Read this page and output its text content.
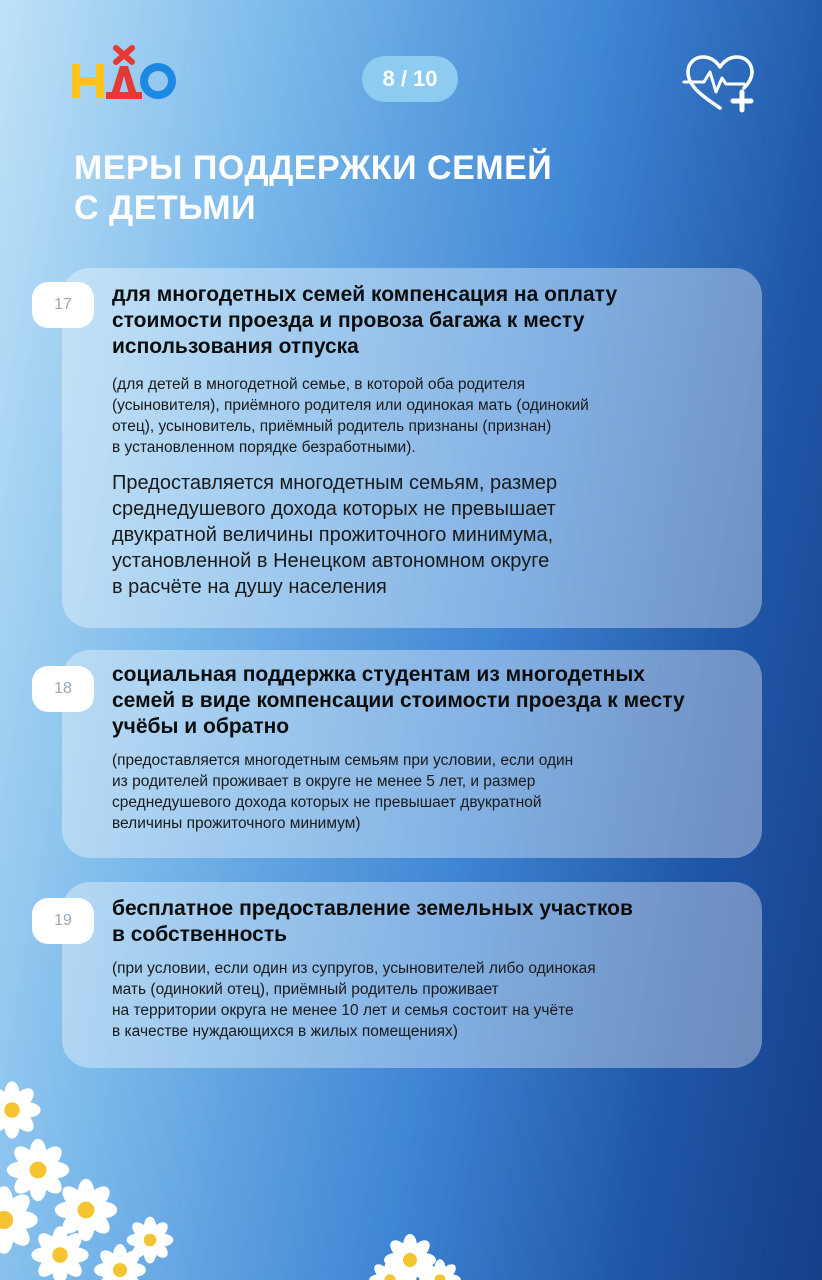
8 / 10
МЕРЫ ПОДДЕРЖКИ СЕМЕЙ
С ДЕТЬМИ
17	для многодетных семей компенсация на оплату
стоимости проезда и провоза багажа к месту
использования отпуска
(для детей в многодетной семье, в которой оба родителя
(усыновителя), приёмного родителя или одинокая мать (одинокий
отец), усыновитель, приёмный родитель признаны (признан)
в установленном порядке безработными).
Предоставляется многодетным семьям, размер
среднедушевого дохода которых не превышает
двукратной величины прожиточного минимума,
установленной в Ненецком автономном округе
в расчёте на душу населения
18
социальная поддержка студентам из многодетных
семей в виде компенсации стоимости проезда к месту
учёбы и обратно
(предоставляется многодетным семьям при условии, если один
из родителей проживает в округе не менее 5 лет, и размер
среднедушевого дохода которых не превышает двукратной
величины прожиточного минимум)
19
бесплатное предоставление земельных участков
в собственность
(при условии, если один из супругов, усыновителей либо одинокая
мать (одинокий отец), приёмный родитель проживает
на территории округа не менее 10 лет и семья состоит на учёте
в качестве нуждающихся в жилых помещениях)
